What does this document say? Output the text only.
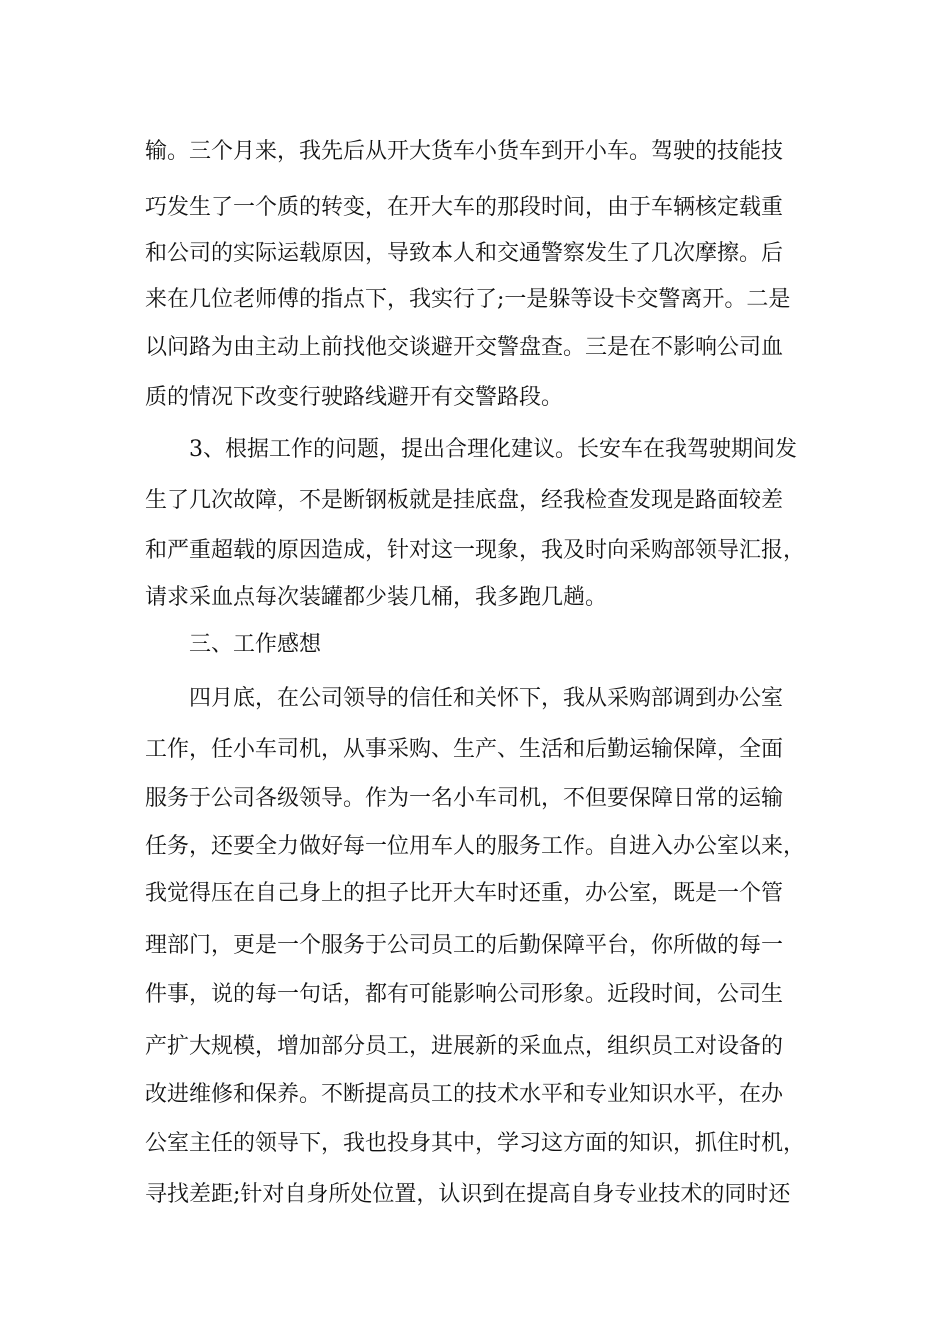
输。三个月来，我先后从开大货车小货车到开小车。驾驶的技能技
巧发生了一个质的转变，在开大车的那段时间，由于车辆核定载重
和公司的实际运载原因，导致本人和交通警察发生了几次摩擦。后
来在几位老师傅的指点下，我实行了;一是躲等设卡交警离开。二是
以问路为由主动上前找他交谈避开交警盘查。三是在不影响公司血
质的情况下改变行驶路线避开有交警路段。
3、根据工作的问题，提出合理化建议。长安车在我驾驶期间发
生了几次故障，不是断钢板就是挂底盘，经我检查发现是路面较差
和严重超载的原因造成，针对这一现象，我及时向采购部领导汇报，
请求采血点每次装罐都少装几桶，我多跑几趟。
三、工作感想
四月底，在公司领导的信任和关怀下，我从采购部调到办公室
工作，任小车司机，从事采购、生产、生活和后勤运输保障，全面
服务于公司各级领导。作为一名小车司机，不但要保障日常的运输
任务，还要全力做好每一位用车人的服务工作。自进入办公室以来，
我觉得压在自己身上的担子比开大车时还重，办公室，既是一个管
理部门，更是一个服务于公司员工的后勤保障平台，你所做的每一
件事，说的每一句话，都有可能影响公司形象。近段时间，公司生
产扩大规模，增加部分员工，进展新的采血点，组织员工对设备的
改进维修和保养。不断提高员工的技术水平和专业知识水平，在办
公室主任的领导下，我也投身其中，学习这方面的知识，抓住时机，
寻找差距;针对自身所处位置，认识到在提高自身专业技术的同时还
